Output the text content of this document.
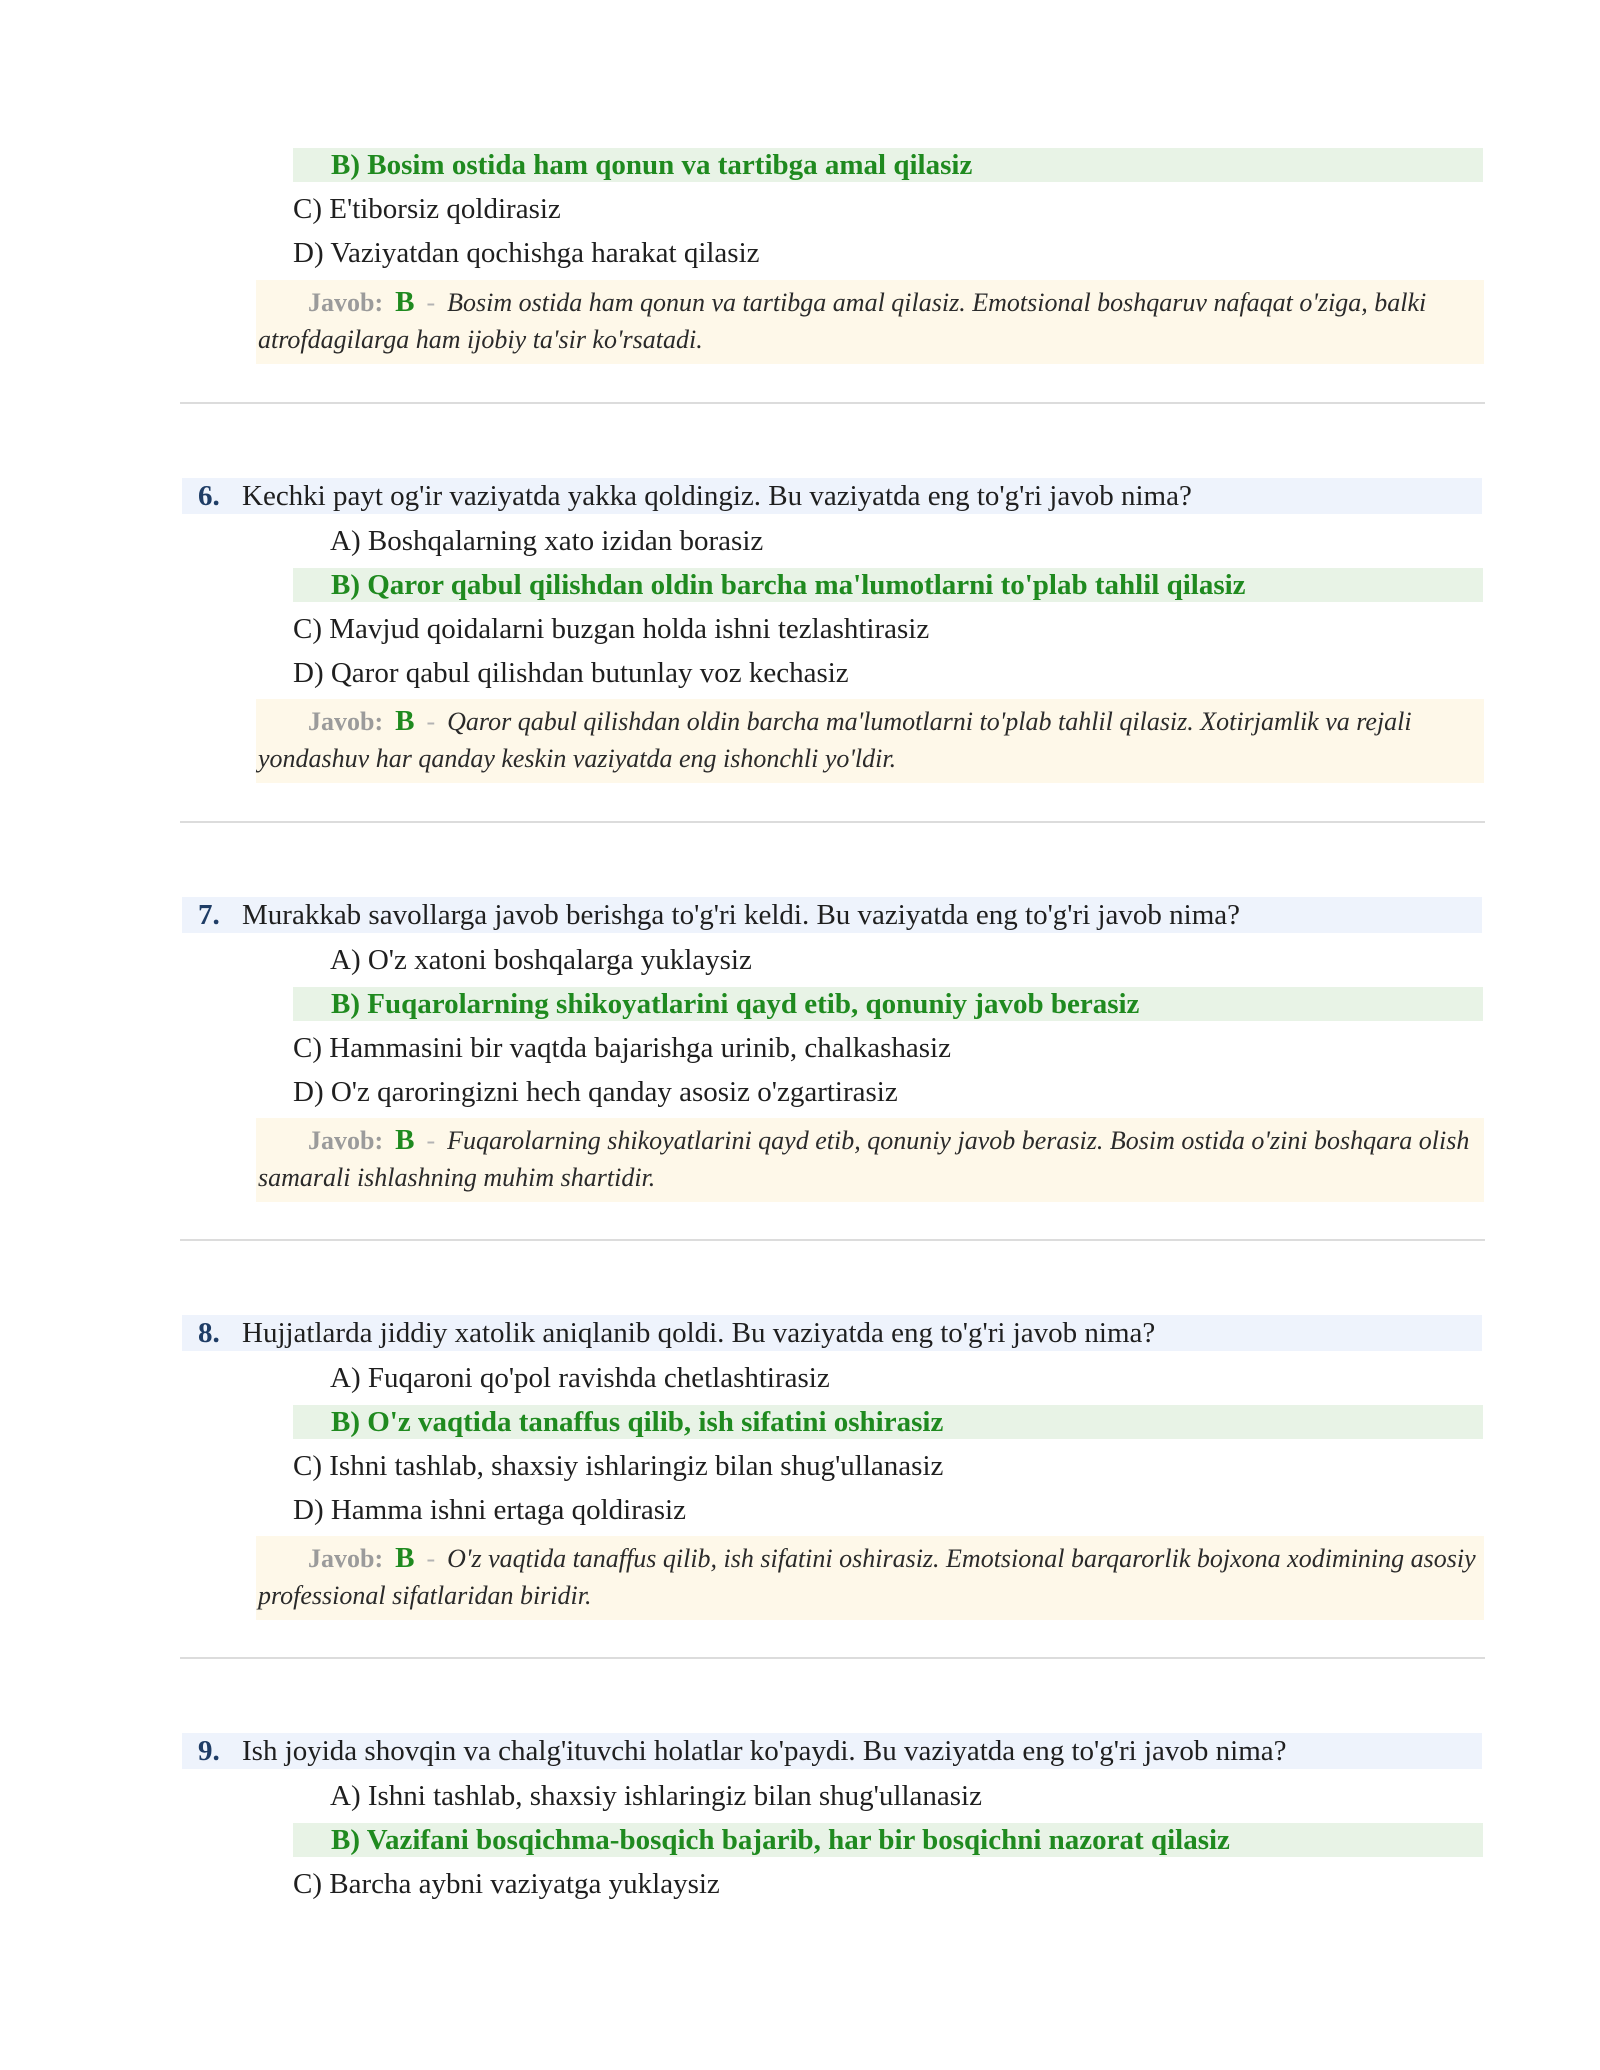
B) Bosim ostida ham qonun va tartibga amal qilasiz
C) E'tiborsiz qoldirasiz
D) Vaziyatdan qochishga harakat qilasiz
Javob: B - Bosim ostida ham qonun va tartibga amal qilasiz. Emotsional boshqaruv nafaqat o'ziga, balki atrofdagilarga ham ijobiy ta'sir ko'rsatadi.
6. Kechki payt og'ir vaziyatda yakka qoldingiz. Bu vaziyatda eng to'g'ri javob nima?
A) Boshqalarning xato izidan borasiz
B) Qaror qabul qilishdan oldin barcha ma'lumotlarni to'plab tahlil qilasiz
C) Mavjud qoidalarni buzgan holda ishni tezlashtirasiz
D) Qaror qabul qilishdan butunlay voz kechasiz
Javob: B - Qaror qabul qilishdan oldin barcha ma'lumotlarni to'plab tahlil qilasiz. Xotirjamlik va rejali yondashuv har qanday keskin vaziyatda eng ishonchli yo'ldir.
7. Murakkab savollarga javob berishga to'g'ri keldi. Bu vaziyatda eng to'g'ri javob nima?
A) O'z xatoni boshqalarga yuklaysiz
B) Fuqarolarning shikoyatlarini qayd etib, qonuniy javob berasiz
C) Hammasini bir vaqtda bajarishga urinib, chalkashasiz
D) O'z qaroringizni hech qanday asosiz o'zgartirasiz
Javob: B - Fuqarolarning shikoyatlarini qayd etib, qonuniy javob berasiz. Bosim ostida o'zini boshqara olish samarali ishlashning muhim shartidir.
8. Hujjatlarda jiddiy xatolik aniqlanib qoldi. Bu vaziyatda eng to'g'ri javob nima?
A) Fuqaroni qo'pol ravishda chetlashtirasiz
B) O'z vaqtida tanaffus qilib, ish sifatini oshirasiz
C) Ishni tashlab, shaxsiy ishlaringiz bilan shug'ullanasiz
D) Hamma ishni ertaga qoldirasiz
Javob: B - O'z vaqtida tanaffus qilib, ish sifatini oshirasiz. Emotsional barqarorlik bojxona xodimining asosiy professional sifatlaridan biridir.
9. Ish joyida shovqin va chalg'ituvchi holatlar ko'paydi. Bu vaziyatda eng to'g'ri javob nima?
A) Ishni tashlab, shaxsiy ishlaringiz bilan shug'ullanasiz
B) Vazifani bosqichma-bosqich bajarib, har bir bosqichni nazorat qilasiz
C) Barcha aybni vaziyatga yuklaysiz
